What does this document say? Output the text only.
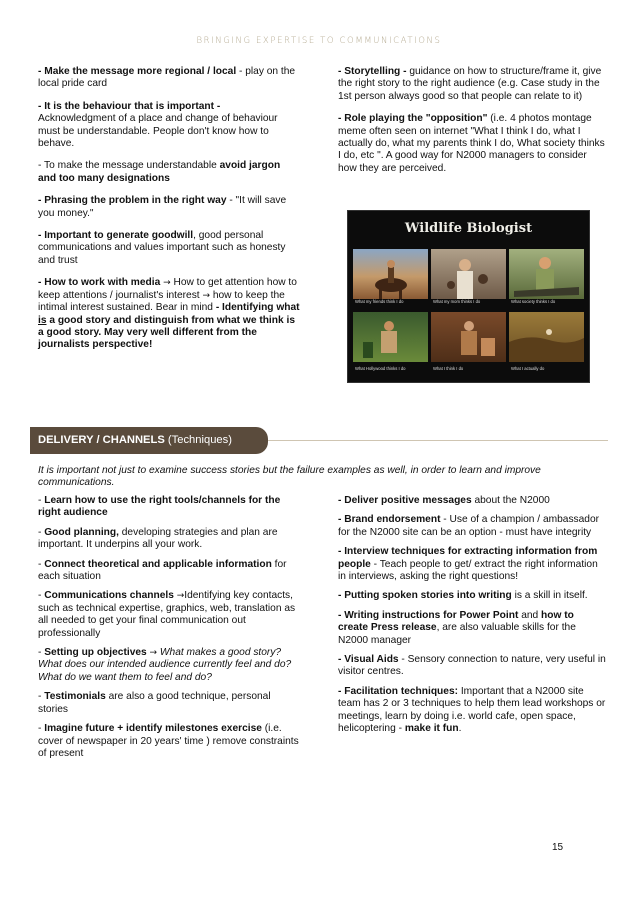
BRINGING EXPERTISE TO COMMUNICATIONS

- Make the message more regional / local - play on the local pride card

- It is the behaviour that is important - Acknowledgment of a place and change of behaviour must be understandable. People don't know how to behave.

- To make the message understandable avoid jargon and too many designations

- Phrasing the problem in the right way - "It will save you money."

- Important to generate goodwill, good personal communications and values important such as honesty and trust

- How to work with media → How to get attention how to keep attentions / journalist's interest → how to keep the intimal interest sustained. Bear in mind - Identifying what is a good story and distinguish from what we think is a good story. May very well different from the journalists perspective!

- Storytelling - guidance on how to structure/frame it, give the right story to the right audience (e.g. Case study in the 1st person always good so that people can relate to it)

- Role playing the "opposition" (i.e. 4 photos montage meme often seen on internet "What I think I do, what I actually do, what my parents think I do, What society thinks I do, etc ". A good way for N2000 managers to consider how they are perceived.

Wildlife Biologist
What my friends think I do	What my mom thinks I do	What society thinks I do
What Hollywood thinks I do	What I think I do	What I actually do
DELIVERY / CHANNELS (Techniques)
It is important not just to examine success stories but the failure examples as well, in order to learn and improve communications.

- Learn how to use the right tools/channels for the right audience

- Good planning, developing strategies and plan are important. It underpins all your work.

- Connect theoretical and applicable information for each situation

- Communications channels →Identifying key contacts, such as technical expertise, graphics, web, translation as all needed to get your final communication out professionally

- Setting up objectives → What makes a good story? What does our intended audience currently feel and do? What do we want them to feel and do?

- Testimonials are also a good technique, personal stories

- Imagine future + identify milestones exercise (i.e. cover of newspaper in 20 years' time ) remove constraints of present

- Deliver positive messages about the N2000

- Brand endorsement - Use of a champion / ambassador for the N2000 site can be an option - must have integrity

- Interview techniques for extracting information from people - Teach people to get/ extract the right information in interviews, asking the right questions!

- Putting spoken stories into writing is a skill in itself.

- Writing instructions for Power Point and how to create Press release, are also valuable skills for the N2000 manager

- Visual Aids - Sensory connection to nature, very useful in visitor centres.

- Facilitation techniques: Important that a N2000 site team has 2 or 3 techniques to help them lead workshops or meetings, learn by doing i.e. world cafe, open space, helicoptering - make it fun.

15
